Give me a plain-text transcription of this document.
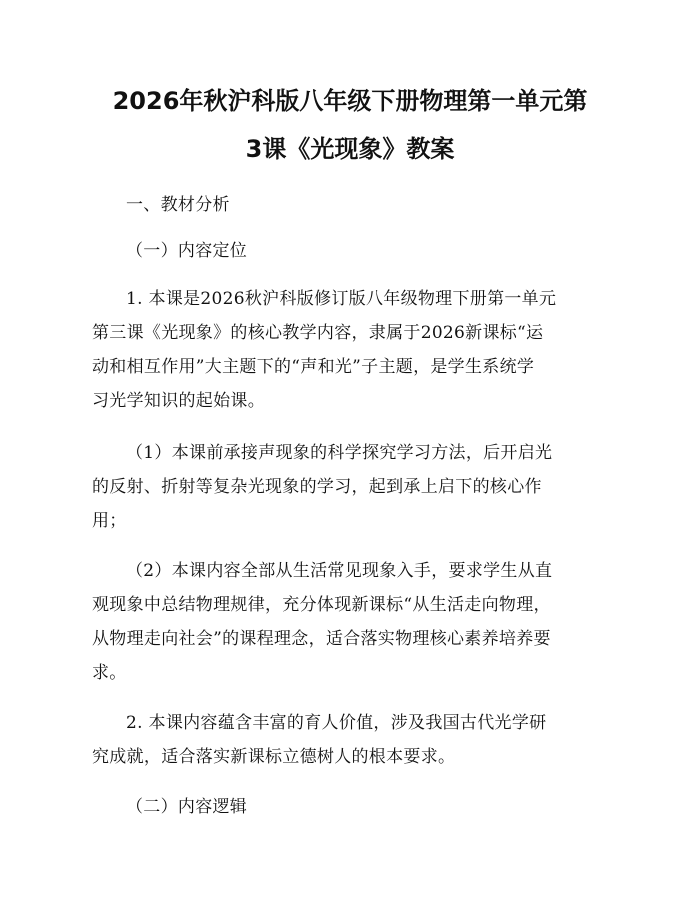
2026年秋沪科版八年级下册物理第一单元第
3课《光现象》教案

一、教材分析

（一）内容定位

1. 本课是2026秋沪科版修订版八年级物理下册第一单元
第三课《光现象》的核心教学内容，隶属于2026新课标“运
动和相互作用”大主题下的“声和光”子主题，是学生系统学
习光学知识的起始课。

（1）本课前承接声现象的科学探究学习方法，后开启光
的反射、折射等复杂光现象的学习，起到承上启下的核心作
用；

（2）本课内容全部从生活常见现象入手，要求学生从直
观现象中总结物理规律，充分体现新课标“从生活走向物理，
从物理走向社会”的课程理念，适合落实物理核心素养培养要
求。

2. 本课内容蕴含丰富的育人价值，涉及我国古代光学研
究成就，适合落实新课标立德树人的根本要求。

（二）内容逻辑
